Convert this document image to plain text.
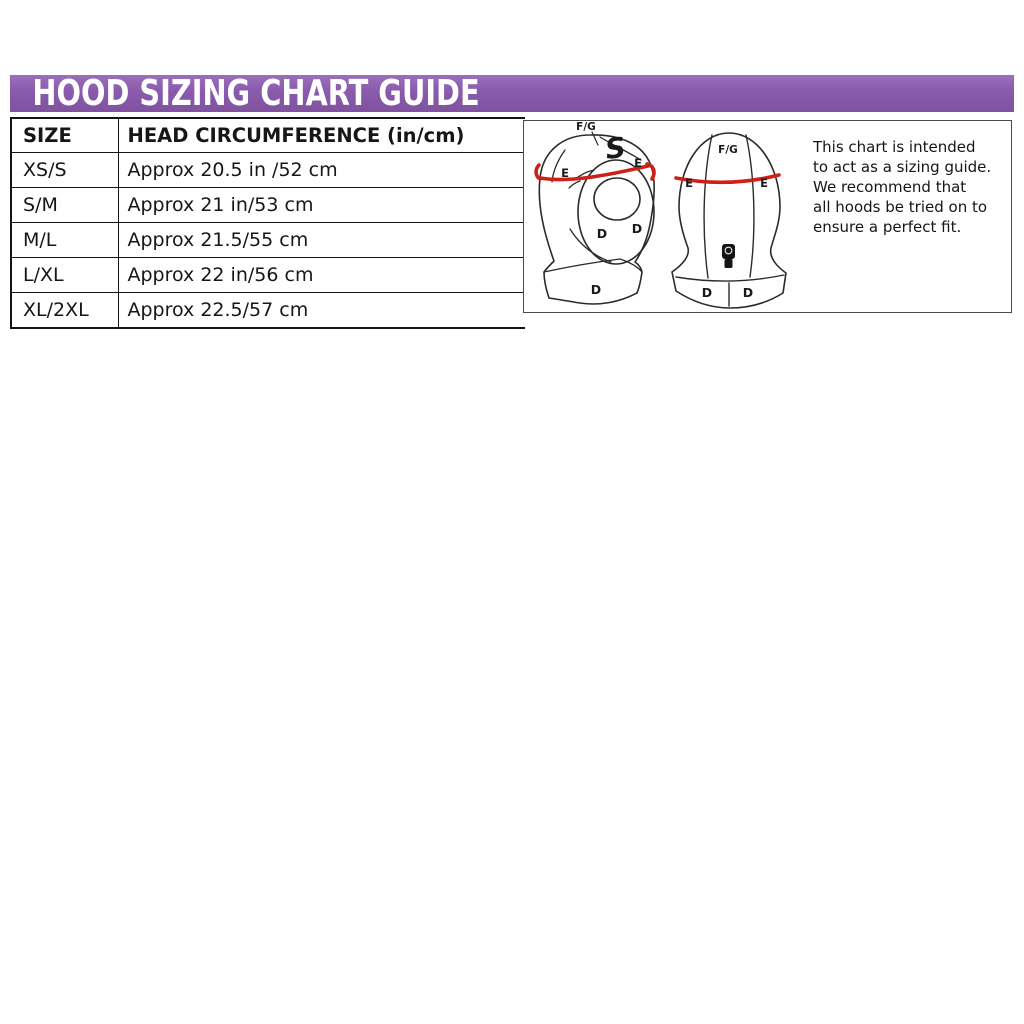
HOOD SIZING CHART GUIDE
SIZE	HEAD CIRCUMFERENCE (in/cm)
XS/S	Approx 20.5 in /52 cm
S/M	Approx 21 in/53 cm
M/L	Approx 21.5/55 cm
L/XL	Approx 22 in/56 cm
XL/2XL	Approx 22.5/57 cm
S
F/G
E
E
D D
D
S
F/G
E	E
D D
This chart is intended
to act as a sizing guide.
We recommend that
all hoods be tried on to
ensure a perfect fit.
